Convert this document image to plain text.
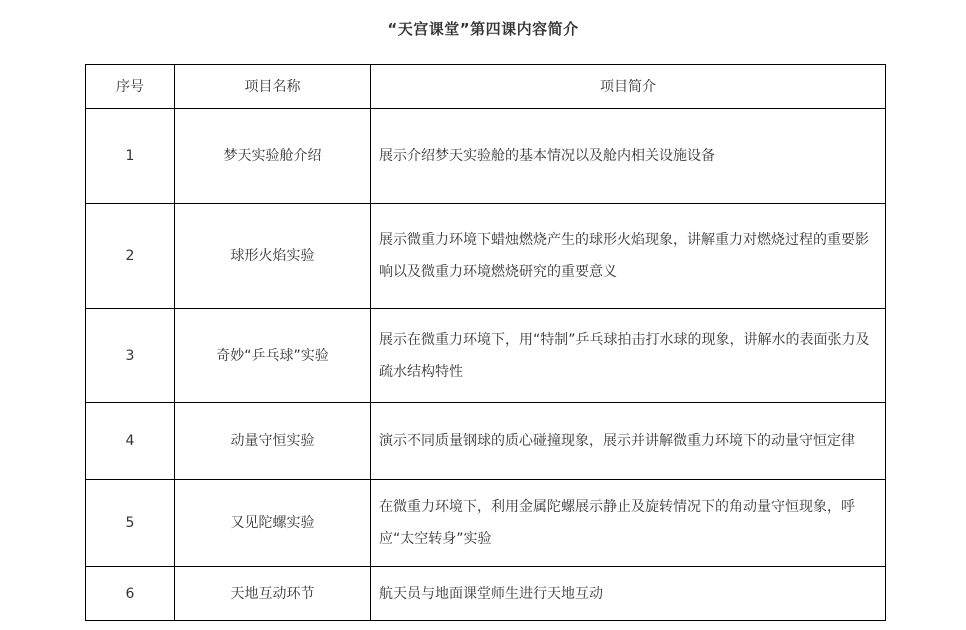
“天宫课堂”第四课内容简介
序号	项目名称	项目简介
1	梦天实验舱介绍	展示介绍梦天实验舱的基本情况以及舱内相关设施设备
2	球形火焰实验	展示微重力环境下蜡烛燃烧产生的球形火焰现象，讲解重力对燃烧过程的重要影响以及微重力环境燃烧研究的重要意义
3	奇妙“乒乓球”实验	展示在微重力环境下，用“特制”乒乓球拍击打水球的现象，讲解水的表面张力及疏水结构特性
4	动量守恒实验	演示不同质量钢球的质心碰撞现象，展示并讲解微重力环境下的动量守恒定律
5	又见陀螺实验	在微重力环境下，利用金属陀螺展示静止及旋转情况下的角动量守恒现象，呼应“太空转身”实验
6	天地互动环节	航天员与地面课堂师生进行天地互动
